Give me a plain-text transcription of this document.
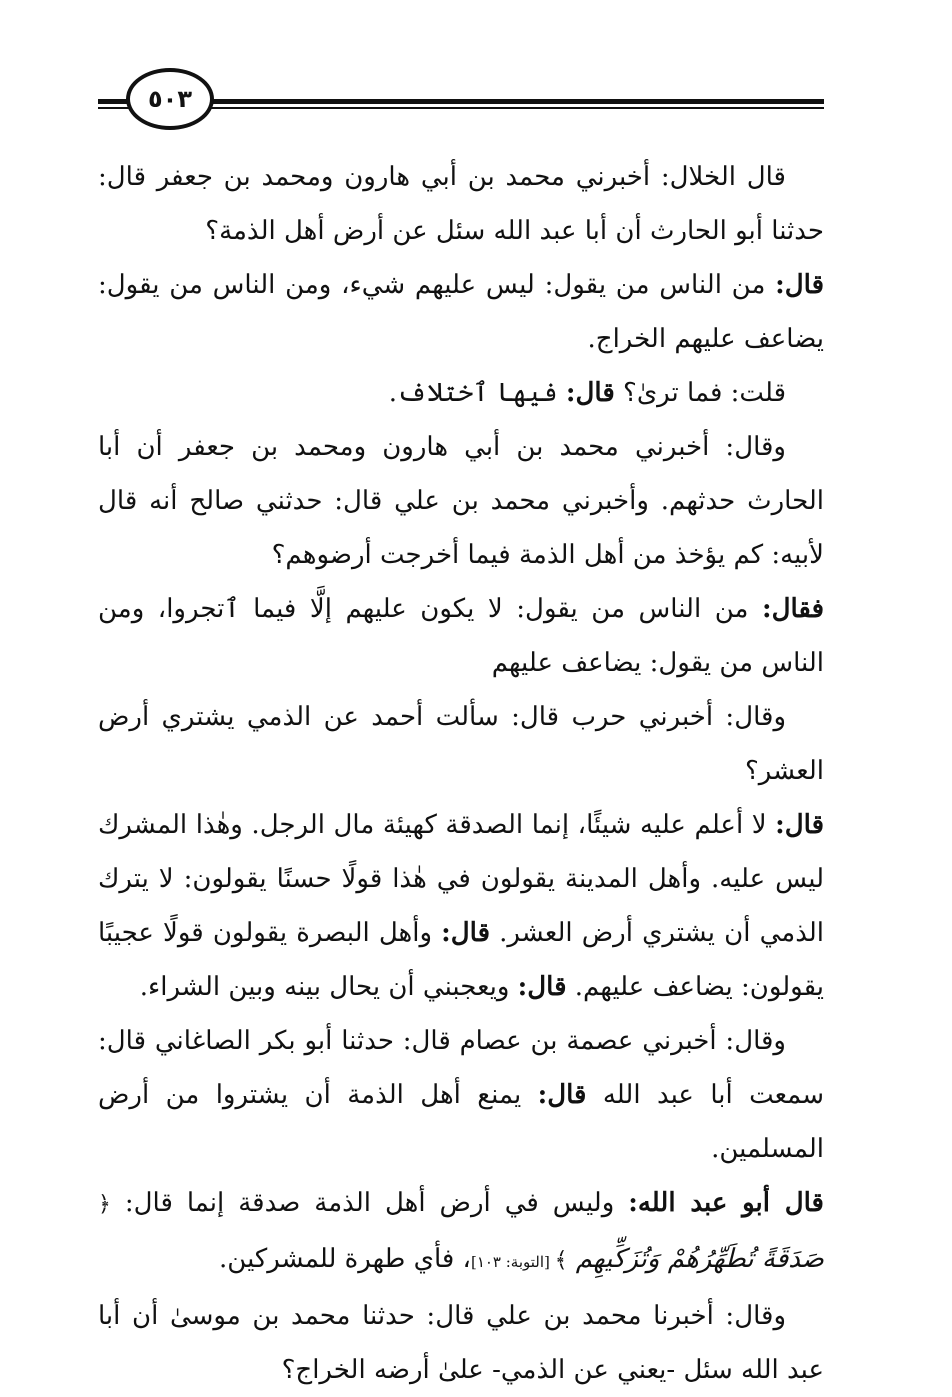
٥٠٣

قال الخلال: أخبرني محمد بن أبي هارون ومحمد بن جعفر قال: حدثنا أبو الحارث أن أبا عبد الله سئل عن أرض أهل الذمة؟

قال: من الناس من يقول: ليس عليهم شيء، ومن الناس من يقول: يضاعف عليهم الخراج.

قلت: فما ترىٰ؟ قال: فيها ٱختلاف.

وقال: أخبرني محمد بن أبي هارون ومحمد بن جعفر أن أبا الحارث حدثهم. وأخبرني محمد بن علي قال: حدثني صالح أنه قال لأبيه: كم يؤخذ من أهل الذمة فيما أخرجت أرضوهم؟

فقال: من الناس من يقول: لا يكون عليهم إلَّا فيما ٱتجروا، ومن الناس من يقول: يضاعف عليهم

وقال: أخبرني حرب قال: سألت أحمد عن الذمي يشتري أرض العشر؟

قال: لا أعلم عليه شيئًا، إنما الصدقة كهيئة مال الرجل. وهٰذا المشرك ليس عليه. وأهل المدينة يقولون في هٰذا قولًا حسنًا يقولون: لا يترك الذمي أن يشتري أرض العشر. قال: وأهل البصرة يقولون قولًا عجيبًا يقولون: يضاعف عليهم. قال: ويعجبني أن يحال بينه وبين الشراء.

وقال: أخبرني عصمة بن عصام قال: حدثنا أبو بكر الصاغاني قال: سمعت أبا عبد الله قال: يمنع أهل الذمة أن يشتروا من أرض المسلمين.

قال أبو عبد الله: وليس في أرض أهل الذمة صدقة إنما قال: ﴿ صَدَقَةً تُطَهِّرُهُمْ وَتُزَكِّيهِم ﴾ [التوبة: ١٠٣]، فأي طهرة للمشركين.

وقال: أخبرنا محمد بن علي قال: حدثنا محمد بن موسىٰ أن أبا عبد الله سئل -يعني عن الذمي- علىٰ أرضه الخراج؟
